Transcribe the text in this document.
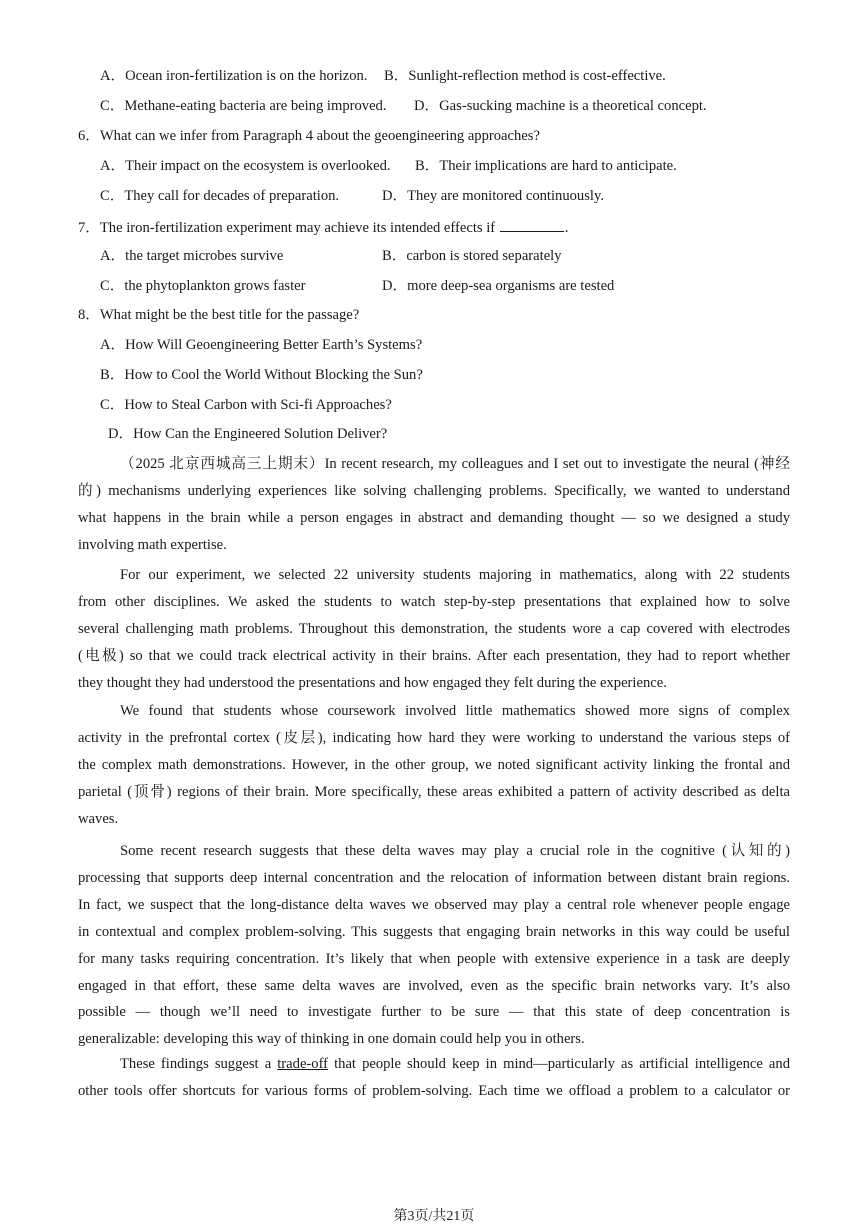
A．Ocean iron-fertilization is on the horizon. B．Sunlight-reflection method is cost-effective.
C．Methane-eating bacteria are being improved. D．Gas-sucking machine is a theoretical concept.
6．What can we infer from Paragraph 4 about the geoengineering approaches?
A．Their impact on the ecosystem is overlooked. B．Their implications are hard to anticipate.
C．They call for decades of preparation.	D．They are monitored continuously.
7．The iron-fertilization experiment may achieve its intended effects if	.
A．the target microbes survive	B．carbon is stored separately
C．the phytoplankton grows faster	D．more deep-sea organisms are tested
8．What might be the best title for the passage?
A．How Will Geoengineering Better Earth’s Systems?
B．How to Cool the World Without Blocking the Sun?
C．How to Steal Carbon with Sci-fi Approaches?
D．How Can the Engineered Solution Deliver?
（2025 北京西城高三上期末）In recent research, my colleagues and I set out to investigate the neural (神经
的) mechanisms underlying experiences like solving challenging problems. Specifically, we wanted to understand
what happens in the brain while a person engages in abstract and demanding thought — so we designed a study
involving math expertise.
For our experiment, we selected 22 university students majoring in mathematics, along with 22 students
from other disciplines. We asked the students to watch step-by-step presentations that explained how to solve
several challenging math problems. Throughout this demonstration, the students wore a cap covered with electrodes
(电极) so that we could track electrical activity in their brains. After each presentation, they had to report whether
they thought they had understood the presentations and how engaged they felt during the experience.
We found that students whose coursework involved little mathematics showed more signs of complex
activity in the prefrontal cortex (皮层), indicating how hard they were working to understand the various steps of
the complex math demonstrations. However, in the other group, we noted significant activity linking the frontal and
parietal (顶骨) regions of their brain. More specifically, these areas exhibited a pattern of activity described as delta
waves.
Some recent research suggests that these delta waves may play a crucial role in the cognitive (认知的)
processing that supports deep internal concentration and the relocation of information between distant brain regions.
In fact, we suspect that the long-distance delta waves we observed may play a central role whenever people engage
in contextual and complex problem-solving. This suggests that engaging brain networks in this way could be useful
for many tasks requiring concentration. It’s likely that when people with extensive experience in a task are deeply
engaged in that effort, these same delta waves are involved, even as the specific brain networks vary. It’s also
possible — though we’ll need to investigate further to be sure — that this state of deep concentration is
generalizable: developing this way of thinking in one domain could help you in others.
These findings suggest a trade-off that people should keep in mind—particularly as artificial intelligence and
other tools offer shortcuts for various forms of problem-solving. Each time we offload a problem to a calculator or
第3页/共21页
